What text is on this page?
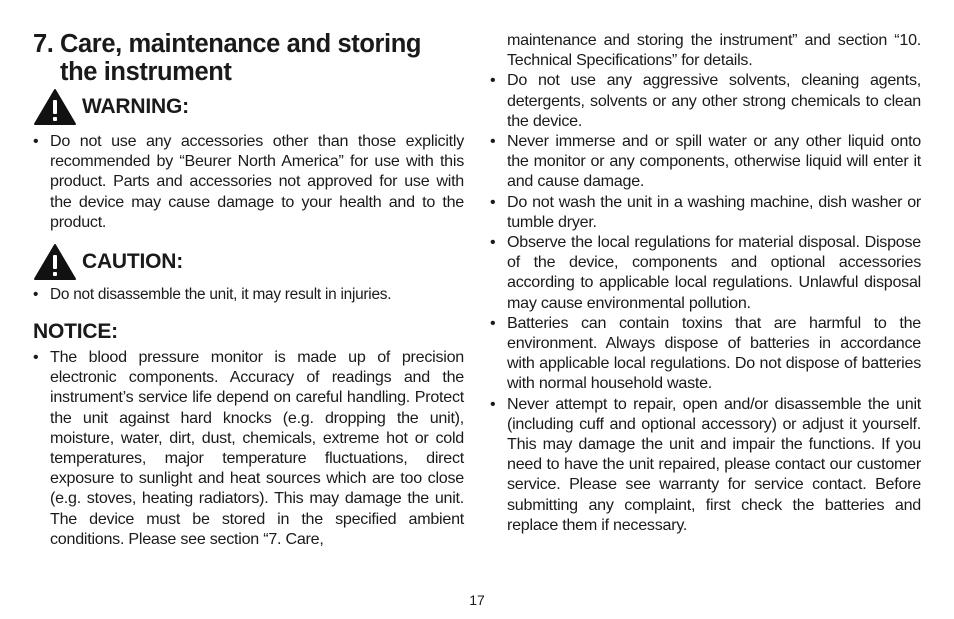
7. Care, maintenance and storing the instrument
WARNING:
• Do not use any accessories other than those explicitly recommended by “Beurer North America” for use with this product. Parts and accessories not approved for use with the device may cause damage to your health and to the product.
CAUTION:
• Do not disassemble the unit, it may result in injuries.
NOTICE:
• The blood pressure monitor is made up of precision electronic components. Accuracy of readings and the instrument’s service life depend on careful handling. Protect the unit against hard knocks (e.g. dropping the unit), moisture, water, dirt, dust, chemicals, extreme hot or cold temperatures, major temperature fluctuations, direct exposure to sunlight and heat sources which are too close (e.g. stoves, heating radiators). This may damage the unit. The device must be stored in the specified ambient conditions. Please see section “7. Care,
maintenance and storing the instrument” and section “10. Technical Specifications” for details.
• Do not use any aggressive solvents, cleaning agents, detergents, solvents or any other strong chemicals to clean the device.
• Never immerse and or spill water or any other liquid onto the monitor or any components, otherwise liquid will enter it and cause damage.
• Do not wash the unit in a washing machine, dish washer or tumble dryer.
• Observe the local regulations for material disposal. Dispose of the device, components and optional accessories according to applicable local regulations. Unlawful disposal may cause environmental pollution.
• Batteries can contain toxins that are harmful to the environment. Always dispose of batteries in accordance with applicable local regulations. Do not dispose of batteries with normal household waste.
• Never attempt to repair, open and/or disassemble the unit (including cuff and optional accessory) or adjust it yourself. This may damage the unit and impair the functions. If you need to have the unit repaired, please contact our customer service. Please see warranty for service contact. Before submitting any complaint, first check the batteries and replace them if necessary.
17
